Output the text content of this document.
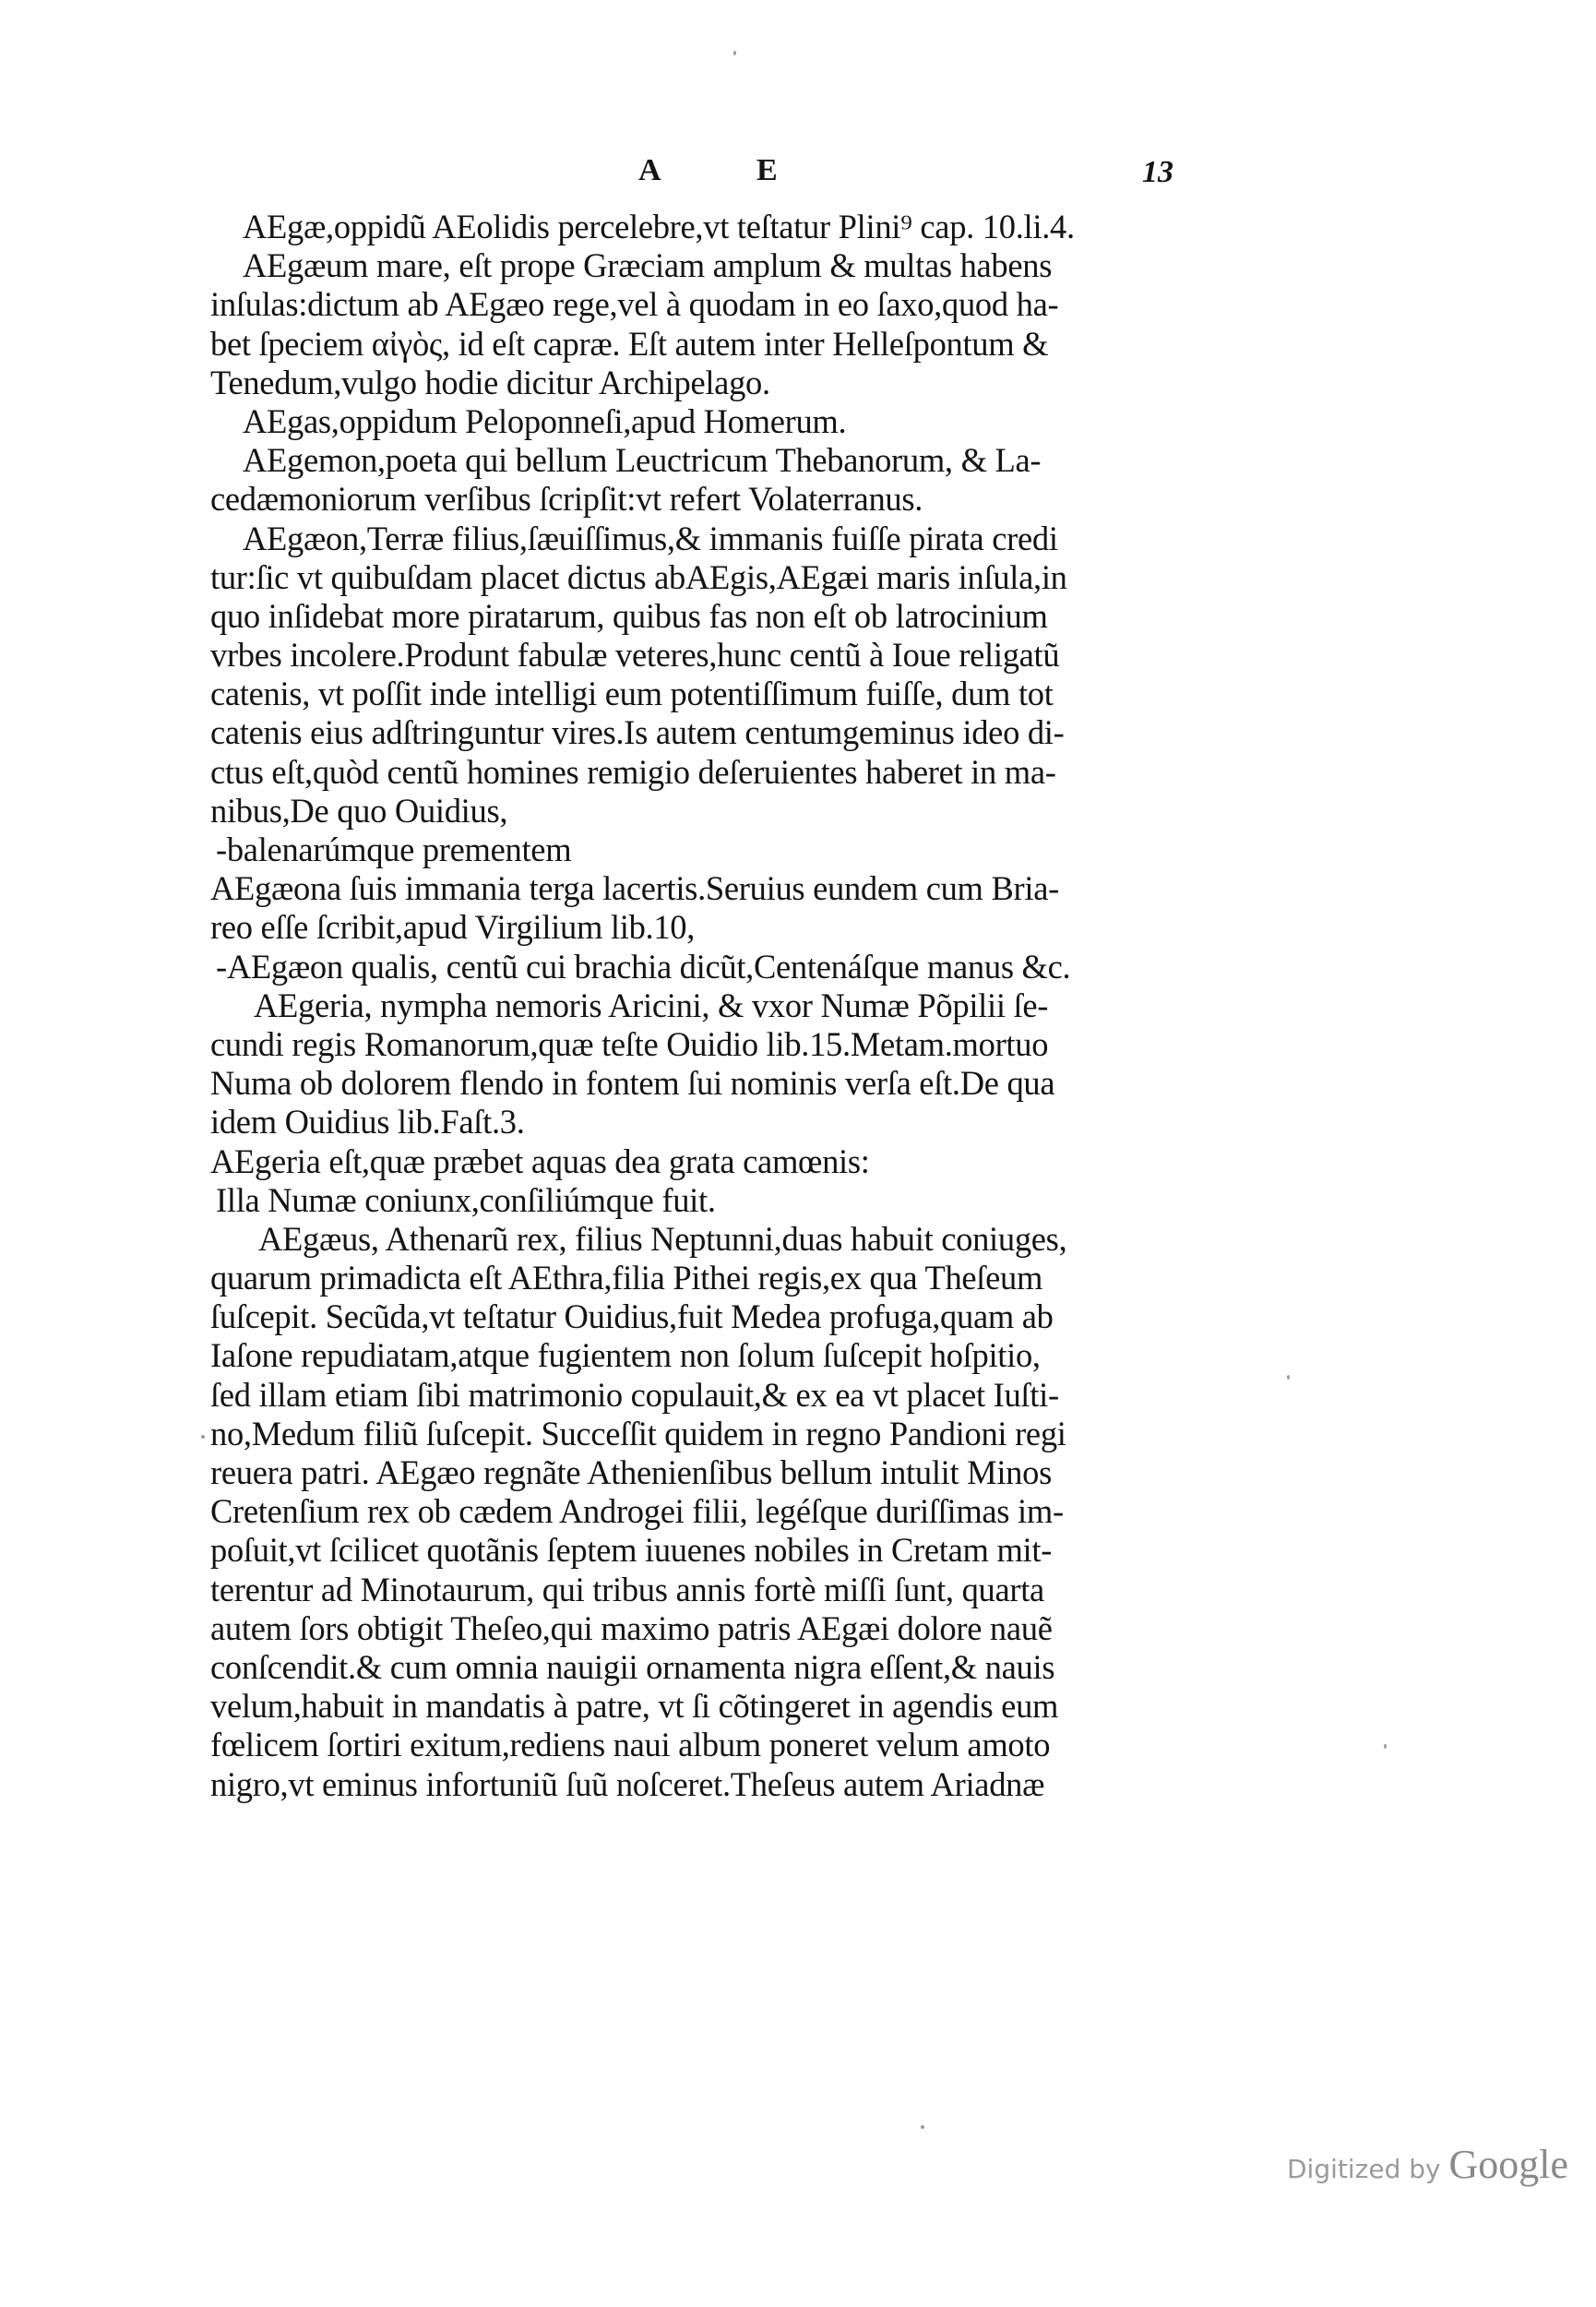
A	E	13
AEgæ,oppidũ AEolidis percelebre,vt teſtatur Plini⁹ cap. 10.li.4.
AEgæum mare, eſt prope Græciam amplum & multas habens
inſulas:dictum ab AEgæo rege,vel à quodam in eo ſaxo,quod ha-
bet ſpeciem αἰγὸς, id eſt capræ. Eſt autem inter Helleſpontum &
Tenedum,vulgo hodie dicitur Archipelago.
AEgas,oppidum Peloponneſi,apud Homerum.
AEgemon,poeta qui bellum Leuctricum Thebanorum, & La-
cedæmoniorum verſibus ſcripſit:vt refert Volaterranus.
AEgæon,Terræ filius,ſæuiſſimus,& immanis fuiſſe pirata credi
tur:ſic vt quibuſdam placet dictus abAEgis,AEgæi maris inſula,in
quo inſidebat more piratarum, quibus fas non eſt ob latrocinium
vrbes incolere.Produnt fabulæ veteres,hunc centũ à Ioue religatũ
catenis, vt poſſit inde intelligi eum potentiſſimum fuiſſe, dum tot
catenis eius adſtringuntur vires.Is autem centumgeminus ideo di-
ctus eſt,quòd centũ homines remigio deſeruientes haberet in ma-
nibus,De quo Ouidius,
-balenarúmque prementem
AEgæona ſuis immania terga lacertis.Seruius eundem cum Bria-
reo eſſe ſcribit,apud Virgilium lib.10,
-AEgæon qualis, centũ cui brachia dicũt,Centenáſque manus &c.
AEgeria, nympha nemoris Aricini, & vxor Numæ Põpilii ſe-
cundi regis Romanorum,quæ teſte Ouidio lib.15.Metam.mortuo
Numa ob dolorem flendo in fontem ſui nominis verſa eſt.De qua
idem Ouidius lib.Faſt.3.
AEgeria eſt,quæ præbet aquas dea grata camœnis:
Illa Numæ coniunx,conſiliúmque fuit.
AEgæus, Athenarũ rex, filius Neptunni,duas habuit coniuges,
quarum primadicta eſt AEthra,filia Pithei regis,ex qua Theſeum
ſuſcepit. Secũda,vt teſtatur Ouidius,fuit Medea profuga,quam ab
Iaſone repudiatam,atque fugientem non ſolum ſuſcepit hoſpitio,
ſed illam etiam ſibi matrimonio copulauit,& ex ea vt placet Iuſti-
no,Medum filiũ ſuſcepit. Succeſſit quidem in regno Pandioni regi
reuera patri. AEgæo regnãte Athenienſibus bellum intulit Minos
Cretenſium rex ob cædem Androgei filii, legéſque duriſſimas im-
poſuit,vt ſcilicet quotãnis ſeptem iuuenes nobiles in Cretam mit-
terentur ad Minotaurum, qui tribus annis fortè miſſi ſunt, quarta
autem ſors obtigit Theſeo,qui maximo patris AEgæi dolore nauẽ
conſcendit.& cum omnia nauigii ornamenta nigra eſſent,& nauis
velum,habuit in mandatis à patre, vt ſi cõtingeret in agendis eum
fœlicem ſortiri exitum,rediens naui album poneret velum amoto
nigro,vt eminus infortuniũ ſuũ noſceret.Theſeus autem Ariadnæ
Digitized by Google
